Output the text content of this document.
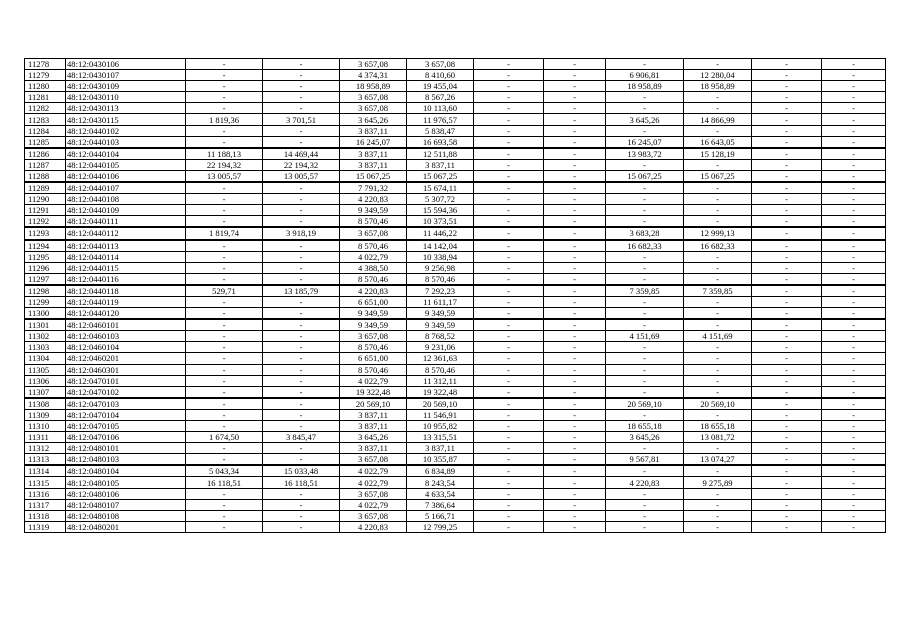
11278	48:12:0430106	-	-	3 657,08	3 657,08	-	-	-	-	-	-
11279	48:12:0430107	-	-	4 374,31	8 410,60	-	-	6 906,81	12 280,04	-	-
11280	48:12:0430109	-	-	18 958,89	19 455,04	-	-	18 958,89	18 958,89	-	-
11281	48:12:0430110	-	-	3 657,08	8 567,26	-	-	-	-	-	-
11282	48:12:0430113	-	-	3 657,08	10 113,60	-	-	-	-	-	-
11283	48:12:0430115	1 819,36	3 701,51	3 645,26	11 976,57	-	-	3 645,26	14 866,99	-	-
11284	48:12:0440102	-	-	3 837,11	5 838,47	-	-	-	-	-	-
11285	48:12:0440103	-	-	16 245,07	16 693,58	-	-	16 245,07	16 643,05	-	-
11286	48:12:0440104	11 188,13	14 469,44	3 837,11	12 511,88	-	-	13 983,72	15 128,19	-	-
11287	48:12:0440105	22 194,32	22 194,32	3 837,11	3 837,11	-	-	-	-	-	-
11288	48:12:0440106	13 005,57	13 005,57	15 067,25	15 067,25	-	-	15 067,25	15 067,25	-	-
11289	48:12:0440107	-	-	7 791,32	15 674,11	-	-	-	-	-	-
11290	48:12:0440108	-	-	4 220,83	5 307,72	-	-	-	-	-	-
11291	48:12:0440109	-	-	9 349,59	15 594,36	-	-	-	-	-	-
11292	48:12:0440111	-	-	8 570,46	10 373,51	-	-	-	-	-	-
11293	48:12:0440112	1 819,74	3 918,19	3 657,08	11 446,22	-	-	3 683,28	12 999,13	-	-
11294	48:12:0440113	-	-	8 570,46	14 142,04	-	-	16 682,33	16 682,33	-	-
11295	48:12:0440114	-	-	4 022,79	10 338,94	-	-	-	-	-	-
11296	48:12:0440115	-	-	4 388,50	9 256,98	-	-	-	-	-	-
11297	48:12:0440116	-	-	8 570,46	8 570,46	-	-	-	-	-	-
11298	48:12:0440118	529,71	13 185,79	4 220,83	7 292,23	-	-	7 359,85	7 359,85	-	-
11299	48:12:0440119	-	-	6 651,00	11 611,17	-	-	-	-	-	-
11300	48:12:0440120	-	-	9 349,59	9 349,59	-	-	-	-	-	-
11301	48:12:0460101	-	-	9 349,59	9 349,59	-	-	-	-	-	-
11302	48:12:0460103	-	-	3 657,08	8 768,52	-	-	4 151,69	4 151,69	-	-
11303	48:12:0460104	-	-	8 570,46	9 231,06	-	-	-	-	-	-
11304	48:12:0460201	-	-	6 651,00	12 361,63	-	-	-	-	-	-
11305	48:12:0460301	-	-	8 570,46	8 570,46	-	-	-	-	-	-
11306	48:12:0470101	-	-	4 022,79	11 312,11	-	-	-	-	-	-
11307	48:12:0470102	-	-	19 322,48	19 322,48	-	-	-	-	-	-
11308	48:12:0470103	-	-	20 569,10	20 569,10	-	-	20 569,10	20 569,10	-	-
11309	48:12:0470104	-	-	3 837,11	11 546,91	-	-	-	-	-	-
11310	48:12:0470105	-	-	3 837,11	10 955,82	-	-	18 655,18	18 655,18	-	-
11311	48:12:0470106	1 674,50	3 845,47	3 645,26	13 315,51	-	-	3 645,26	13 081,72	-	-
11312	48:12:0480101	-	-	3 837,11	3 837,11	-	-	-	-	-	-
11313	48:12:0480103	-	-	3 657,08	10 355,87	-	-	9 567,81	13 074,27	-	-
11314	48:12:0480104	5 043,34	15 033,48	4 022,79	6 834,89	-	-	-	-	-	-
11315	48:12:0480105	16 118,51	16 118,51	4 022,79	8 243,54	-	-	4 220,83	9 275,89	-	-
11316	48:12:0480106	-	-	3 657,08	4 633,54	-	-	-	-	-	-
11317	48:12:0480107	-	-	4 022,79	7 386,64	-	-	-	-	-	-
11318	48:12:0480108	-	-	3 657,08	5 166,71	-	-	-	-	-	-
11319	48:12:0480201	-	-	4 220,83	12 799,25	-	-	-	-	-	-
